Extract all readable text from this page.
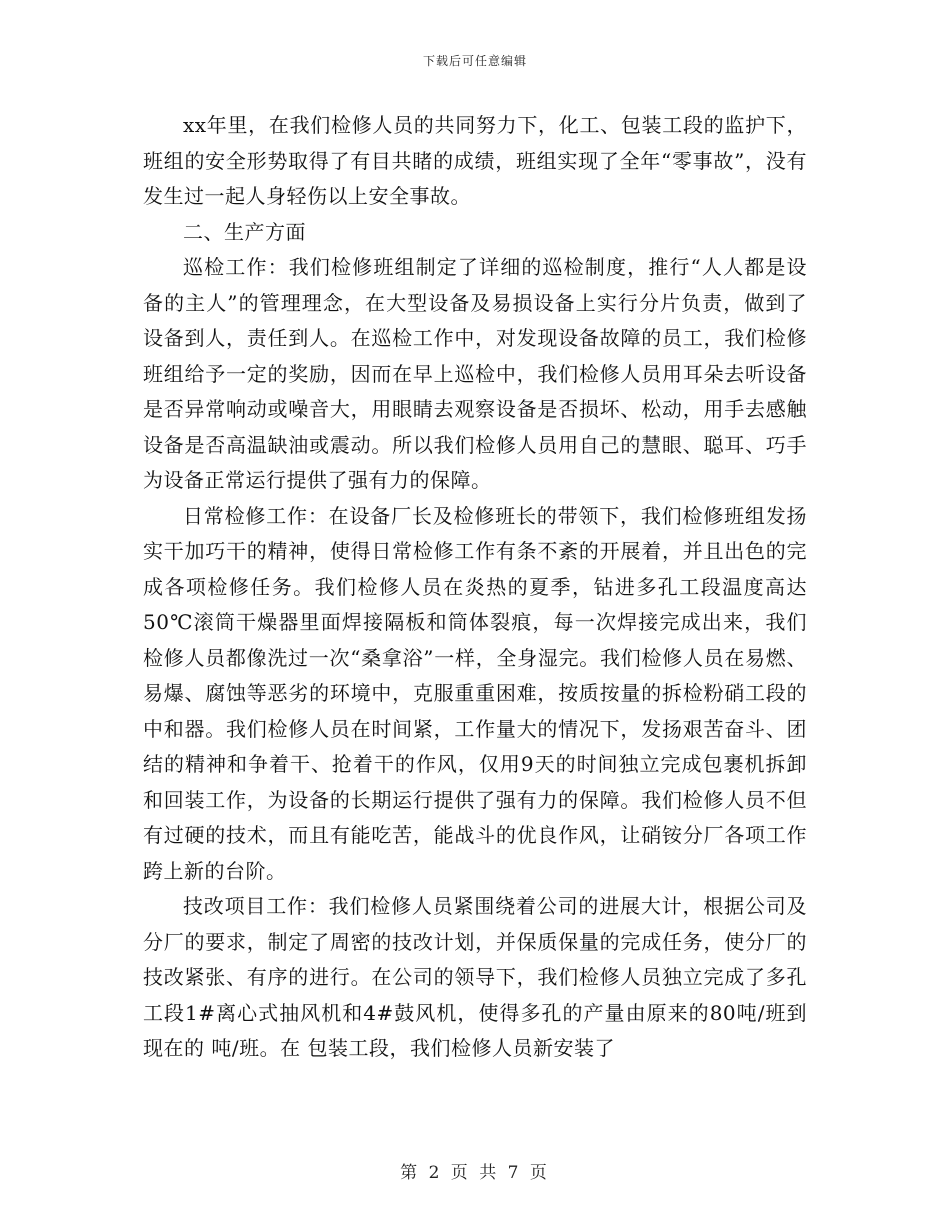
下载后可任意编辑

xx年里，在我们检修人员的共同努力下，化工、包装工段的监护下， 班组的安全形势取得了有目共睹的成绩，班组实现了全年“零事故”，没有发生过一起人身轻伤以上安全事故。

二、生产方面

巡检工作：我们检修班组制定了详细的巡检制度，推行“人人都是设备的主人”的管理理念，在大型设备及易损设备上实行分片负责，做到了设备到人，责任到人。在巡检工作中，对发现设备故障的员工，我们检修班组给予一定的奖励，因而在早上巡检中，我们检修人员用耳朵去听设备是否异常响动或噪音大，用眼睛去观察设备是否损坏、松动，用手去感触设备是否高温缺油或震动。所以我们检修人员用自己的慧眼、聪耳、巧手为设备正常运行提供了强有力的保障。

日常检修工作：在设备厂长及检修班长的带领下，我们检修班组发扬实干加巧干的精神，使得日常检修工作有条不紊的开展着，并且出色的完成各项检修任务。我们检修人员在炎热的夏季，钻进多孔工段温度高达50℃滚筒干燥器里面焊接隔板和筒体裂痕，每一次焊接完成出来，我们检修人员都像洗过一次“桑拿浴”一样，全身湿完。我们检修人员在易燃、易爆、腐蚀等恶劣的环境中，克服重重困难，按质按量的拆检粉硝工段的中和器。我们检修人员在时间紧，工作量大的情况下，发扬艰苦奋斗、团结的精神和争着干、抢着干的作风，仅用9天的时间独立完成包裹机拆卸和回装工作，为设备的长期运行提供了强有力的保障。我们检修人员不但有过硬的技术，而且有能吃苦，能战斗的优良作风，让硝铵分厂各项工作跨上新的台阶。

技改项目工作：我们检修人员紧围绕着公司的进展大计，根据公司及分厂的要求，制定了周密的技改计划，并保质保量的完成任务，使分厂的技改紧张、有序的进行。在公司的领导下，我们检修人员独立完成了多孔工段1#离心式抽风机和4#鼓风机，使得多孔的产量由原来的80吨/班到现在的 吨/班。在 包装工段，我们检修人员新安装了

第 2 页 共 7 页
